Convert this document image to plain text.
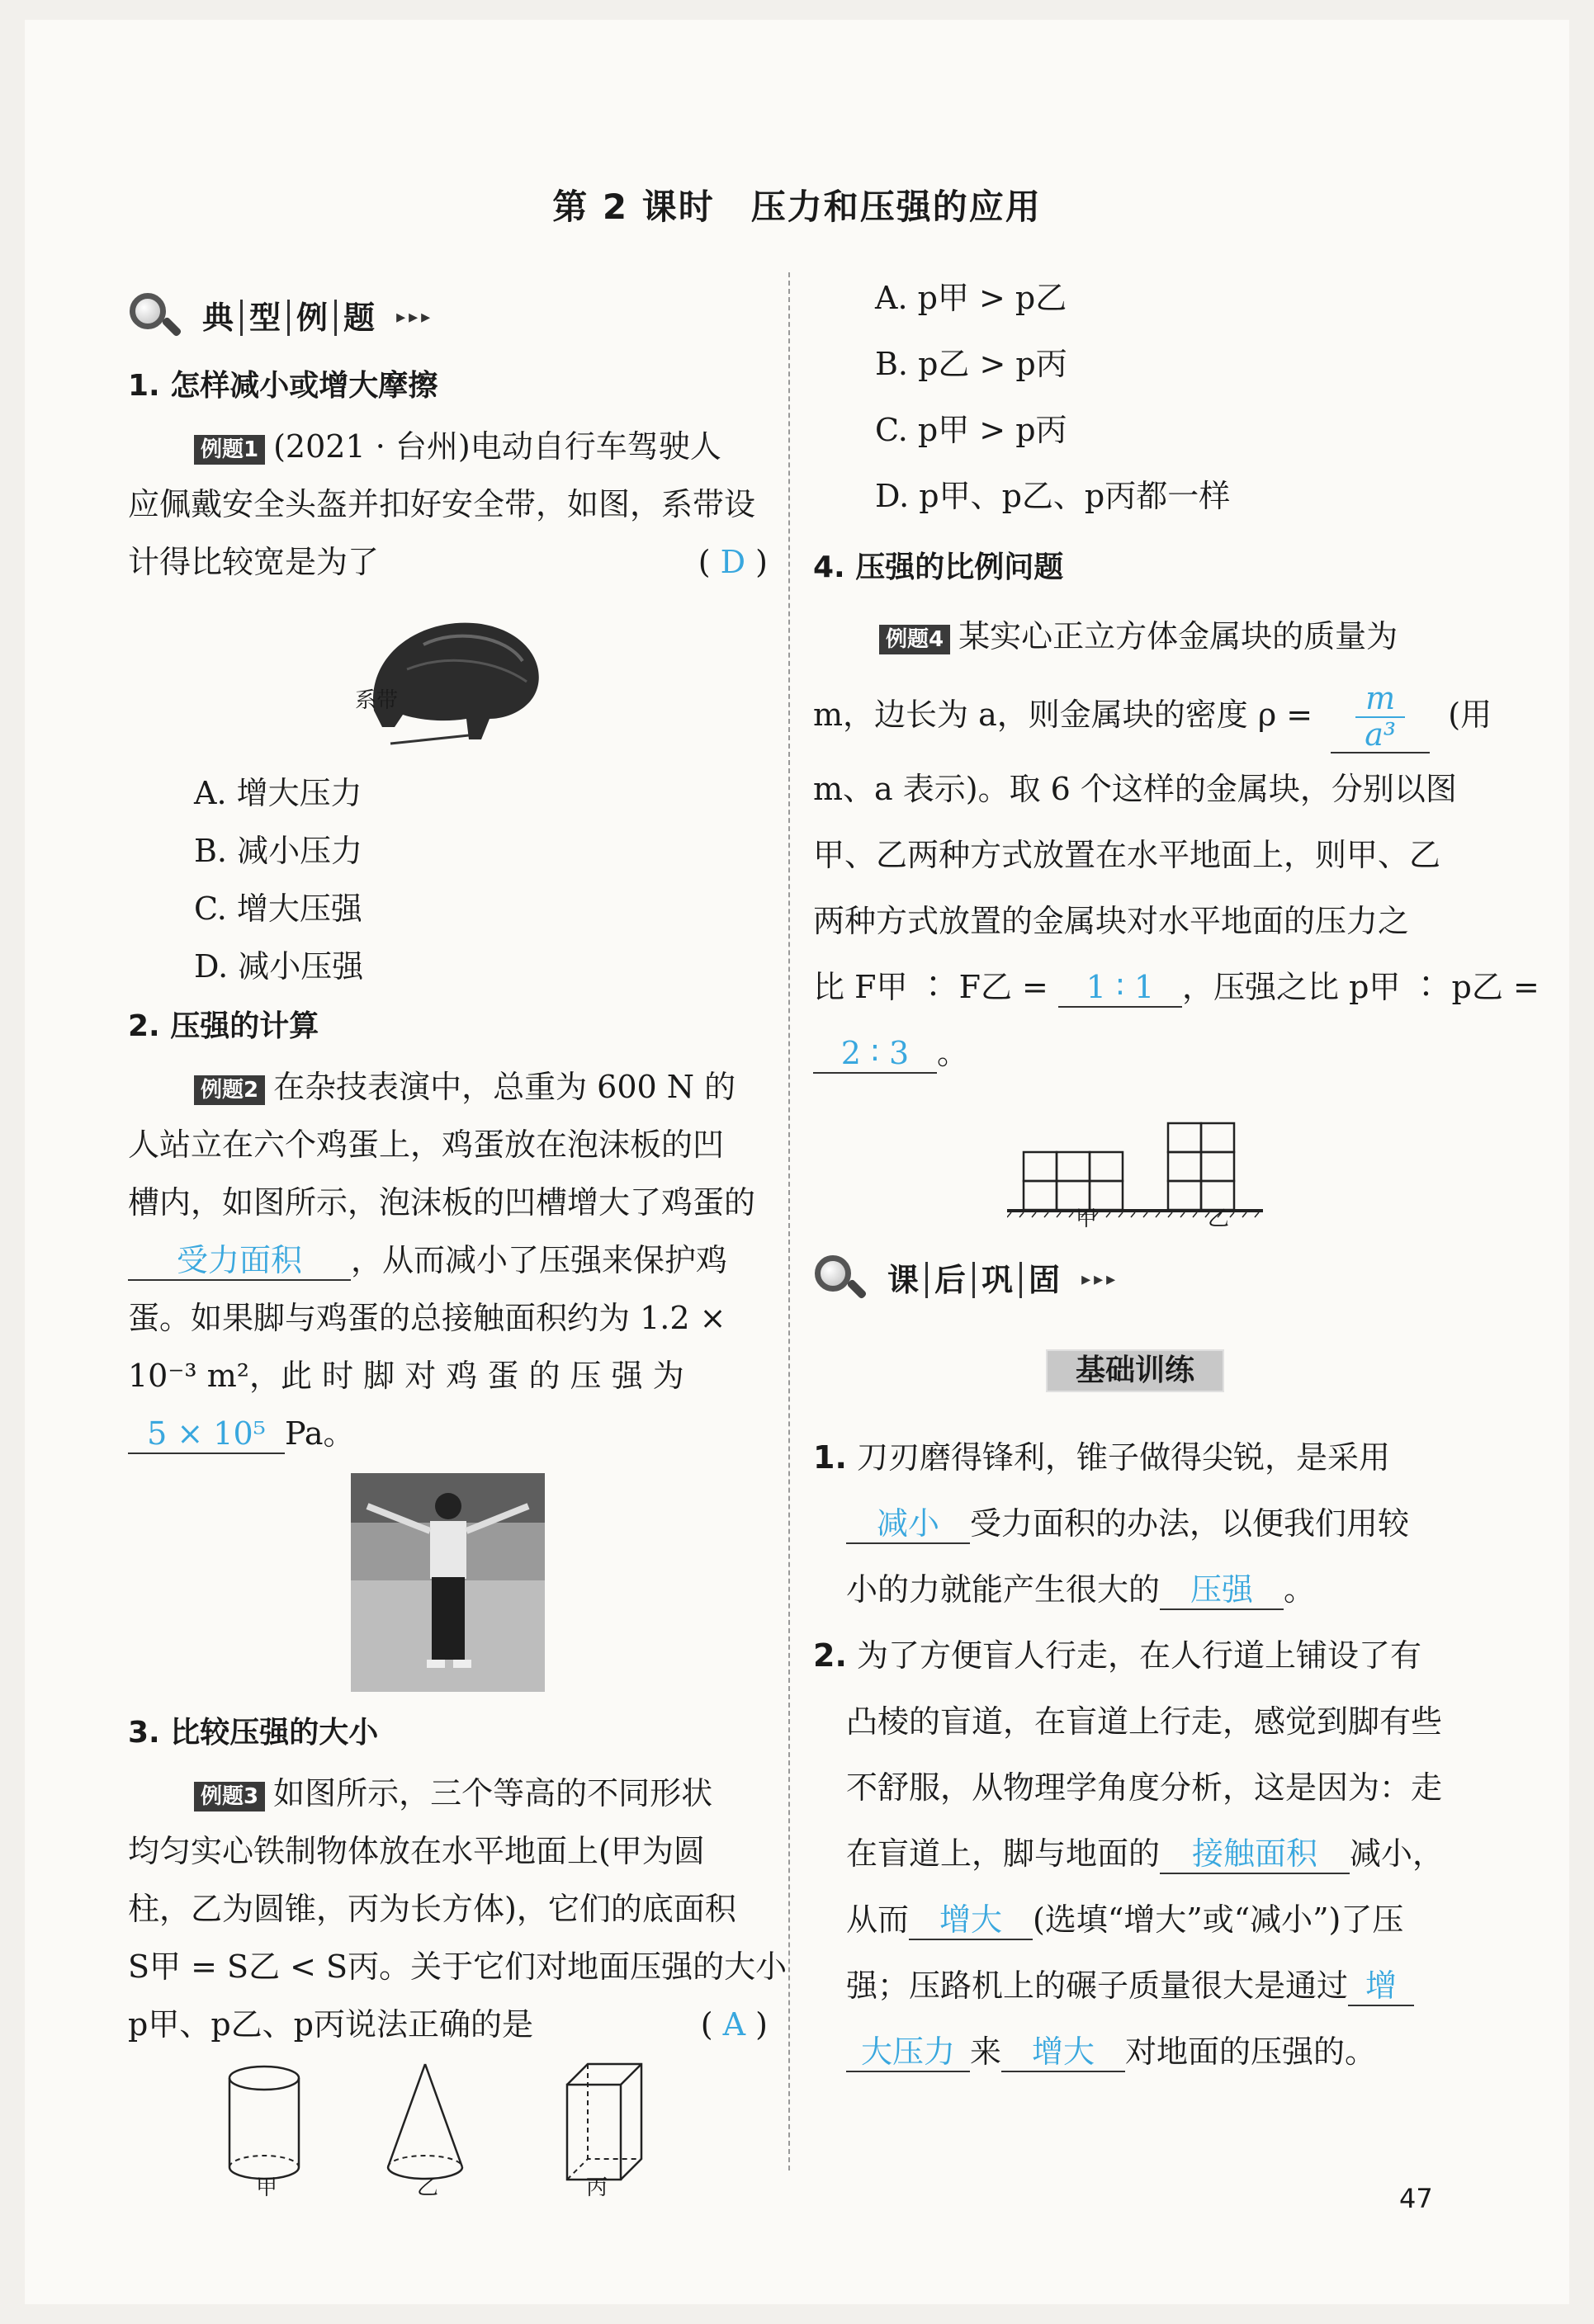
第 2 课时　压力和压强的应用
典 型 例 题	▸▸▸
1. 怎样减小或增大摩擦
例题1 (2021 · 台州)电动自行车驾驶人
应佩戴安全头盔并扣好安全带，如图，系带设
计得比较宽是为了	( D )
系带
A. 增大压力
B. 减小压力
C. 增大压强
D. 减小压强
2. 压强的计算
例题2 在杂技表演中，总重为 600 N 的
人站立在六个鸡蛋上，鸡蛋放在泡沫板的凹
槽内，如图所示，泡沫板的凹槽增大了鸡蛋的
受力面积 ，从而减小了压强来保护鸡
蛋。如果脚与鸡蛋的总接触面积约为 1.2 ×
10⁻³ m²，此 时 脚 对 鸡 蛋 的 压 强 为
5 × 10⁵ Pa。
3. 比较压强的大小
例题3 如图所示，三个等高的不同形状
均匀实心铁制物体放在水平地面上(甲为圆
柱，乙为圆锥，丙为长方体)，它们的底面积
S甲 = S乙 < S丙。关于它们对地面压强的大小
p甲、p乙、p丙说法正确的是	( A )
甲	乙	丙
A. p甲 > p乙
B. p乙 > p丙
C. p甲 > p丙
D. p甲、p乙、p丙都一样
4. 压强的比例问题
例题4 某实心正立方体金属块的质量为
m，边长为 a，则金属块的密度 $\rho = \frac{m}{\text{a³}}$ (用
m、a 表示)。取 6 个这样的金属块，分别以图
甲、乙两种方式放置在水平地面上，则甲、乙
两种方式放置的金属块对水平地面的压力之
比 F甲 ∶ F乙 = 1 ∶ 1 ，压强之比 p甲 ∶ p乙 =
2 ∶ 3 。
甲	乙
课 后 巩 固	▸▸▸
基础训练
1. 刀刃磨得锋利，锥子做得尖锐，是采用
减小 受力面积的办法，以便我们用较
小的力就能产生很大的 压强 。
2. 为了方便盲人行走，在人行道上铺设了有
凸棱的盲道，在盲道上行走，感觉到脚有些
不舒服，从物理学角度分析，这是因为：走
在盲道上，脚与地面的 接触面积 减小，
从而 增大 (选填“增大”或“减小”)了压
强；压路机上的碾子质量很大是通过 增
大压力 来 增大 对地面的压强的。
47
